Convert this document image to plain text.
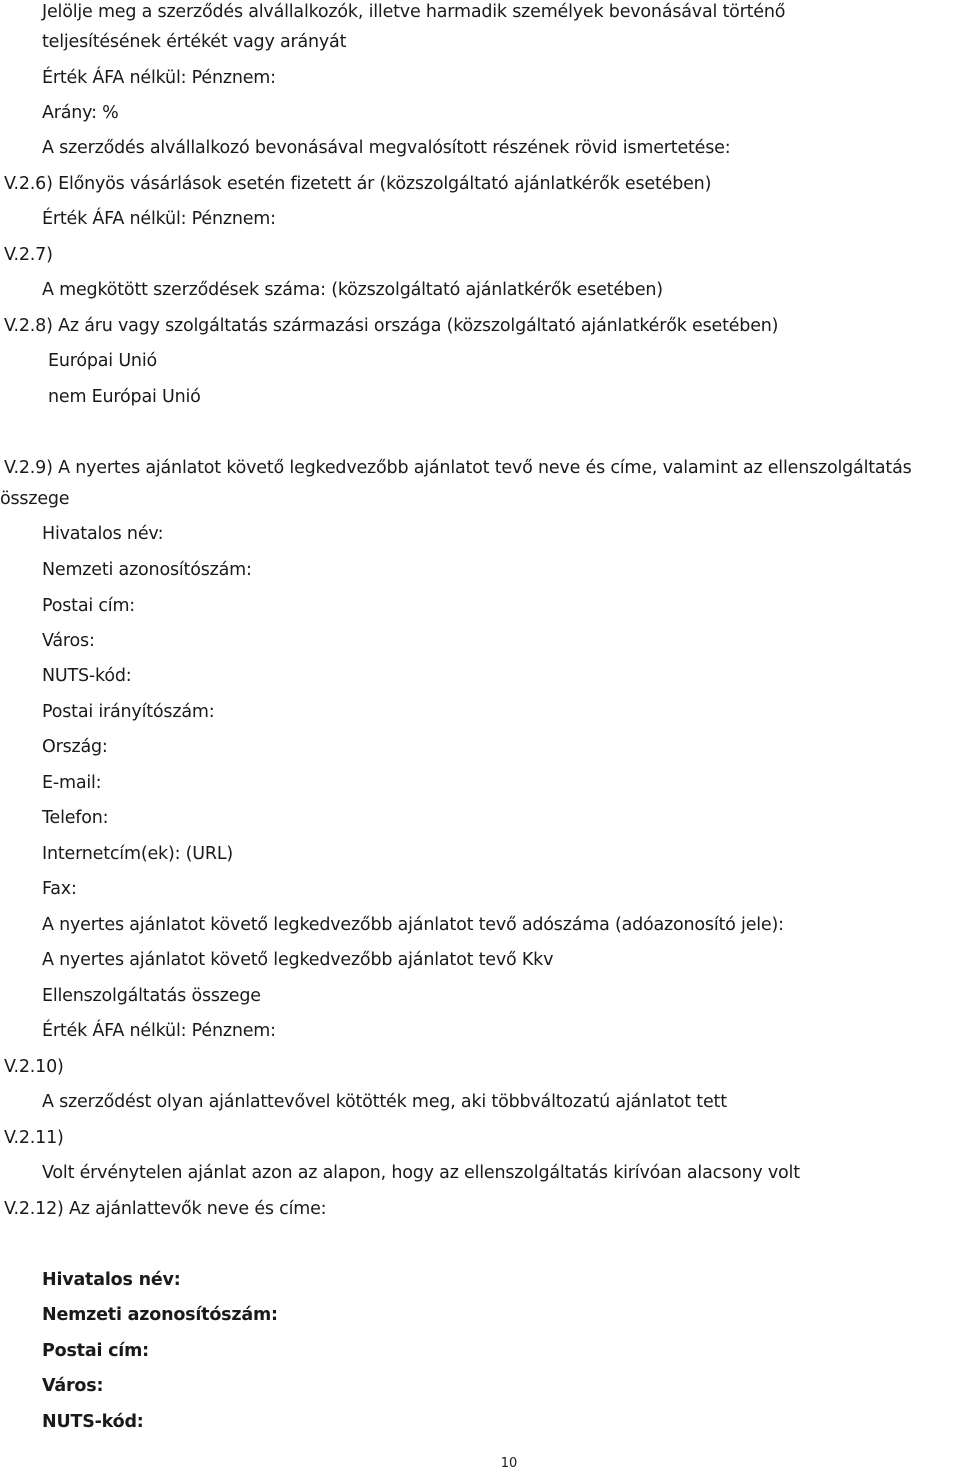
Jelölje meg a szerződés alvállalkozók, illetve harmadik személyek bevonásával történő

teljesítésének értékét vagy arányát

Érték ÁFA nélkül: Pénznem:

Arány: %

A szerződés alvállalkozó bevonásával megvalósított részének rövid ismertetése:

V.2.6) Előnyös vásárlások esetén fizetett ár (közszolgáltató ajánlatkérők esetében)

Érték ÁFA nélkül: Pénznem:

V.2.7)

A megkötött szerződések száma: (közszolgáltató ajánlatkérők esetében)

V.2.8) Az áru vagy szolgáltatás származási országa (közszolgáltató ajánlatkérők esetében)

Európai Unió

nem Európai Unió

V.2.9) A nyertes ajánlatot követő legkedvezőbb ajánlatot tevő neve és címe, valamint az ellenszolgáltatás

összege

Hivatalos név:

Nemzeti azonosítószám:

Postai cím:

Város:

NUTS-kód:

Postai irányítószám:

Ország:

E-mail:

Telefon:

Internetcím(ek): (URL)

Fax:

A nyertes ajánlatot követő legkedvezőbb ajánlatot tevő adószáma (adóazonosító jele):

A nyertes ajánlatot követő legkedvezőbb ajánlatot tevő Kkv

Ellenszolgáltatás összege

Érték ÁFA nélkül: Pénznem:

V.2.10)

A szerződést olyan ajánlattevővel kötötték meg, aki többváltozatú ajánlatot tett

V.2.11)

Volt érvénytelen ajánlat azon az alapon, hogy az ellenszolgáltatás kirívóan alacsony volt

V.2.12) Az ajánlattevők neve és címe:

Hivatalos név:

Nemzeti azonosítószám:

Postai cím:

Város:

NUTS-kód:

10
